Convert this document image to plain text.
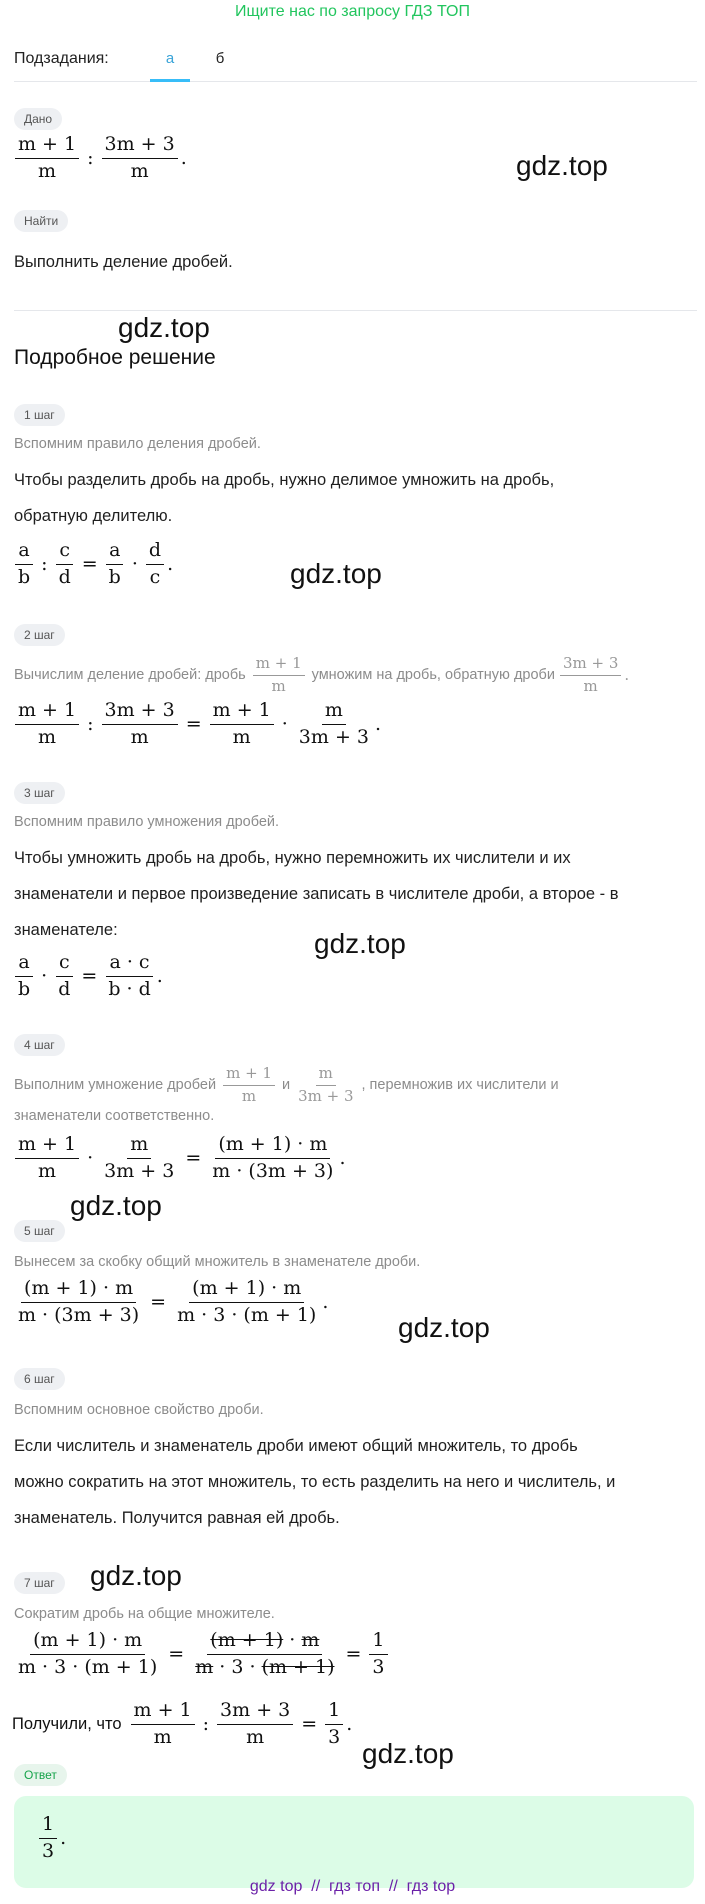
Ищите нас по запросу ГДЗ ТОП
Подзадания:	а	б
Дано
$\frac{m + 1}{m}$ : $\frac{3m + 3}{m}$ .
Найти
Выполнить деление дробей.
Подробное решение
1 шаг
Вспомним правило деления дробей.
Чтобы разделить дробь на дробь, нужно делимое умножить на дробь,
обратную делителю.
$\frac{a}{b}$ : $\frac{c}{d} = \frac{a}{b} \cdot \frac{d}{c}$ .
2 шаг
Вычислим деление дробей: дробь $\frac{m + 1}{m}$ умножим на дробь, обратную дроби $\frac{3m + 3}{m}$ .
$\frac{m + 1}{m}$ : $\frac{3m + 3}{m} = \frac{m + 1}{m} \cdot \frac{m}{3m + 3}$ .
3 шаг
Вспомним правило умножения дробей.
Чтобы умножить дробь на дробь, нужно перемножить их числители и их
знаменатели и первое произведение записать в числителе дроби, а второе - в
знаменателе:
$\frac{a}{b} \cdot \frac{c}{d} = \frac{a \cdot c}{b \cdot d}$ .
4 шаг
Выполним умножение дробей $\frac{m + 1}{m}$ и $\frac{m}{3m + 3}$ , перемножив их числители и
знаменатели соответственно.
$\frac{m + 1}{m} \cdot \frac{m}{3m + 3} = \frac{(m + 1) \cdot m}{m \cdot (3m + 3)}$ .
5 шаг
Вынесем за скобку общий множитель в знаменателе дроби.
$\frac{(m + 1) \cdot m}{m \cdot (3m + 3)} = \frac{(m + 1) \cdot m}{m \cdot 3 \cdot (m + 1)}$ .
6 шаг
Вспомним основное свойство дроби.
Если числитель и знаменатель дроби имеют общий множитель, то дробь
можно сократить на этот множитель, то есть разделить на него и числитель, и
знаменатель. Получится равная ей дробь.
7 шаг
Сократим дробь на общие множителе.
$\frac{(m + 1) \cdot m}{m \cdot 3 \cdot (m + 1)} = \frac{(m + 1) \cdot m}{m \cdot 3 \cdot (m + 1)} = \frac{1}{3}$
Получили, что $\frac{m + 1}{m}$ : $\frac{3m + 3}{m} = \frac{1}{3}$ .
Ответ
$\frac{1}{3}$ .
gdz.top
gdz.top
gdz.top
gdz.top
gdz.top
gdz.top
gdz.top
gdz.top
gdz top  //  гдз топ  //  гдз top
